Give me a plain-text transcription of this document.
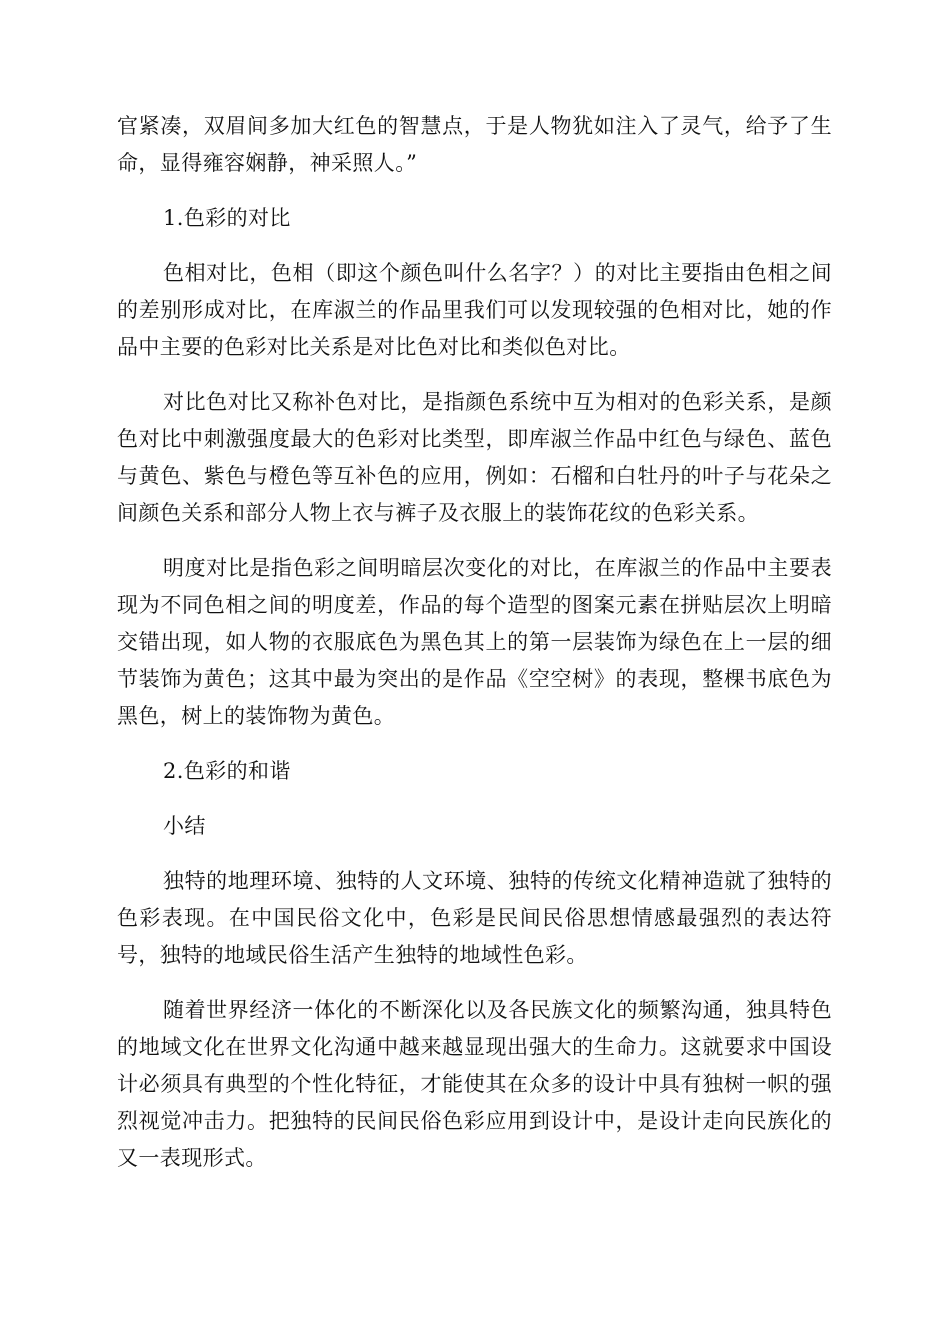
官紧凑，双眉间多加大红色的智慧点，于是人物犹如注入了灵气，给予了生命，显得雍容娴静，神采照人。”

1.色彩的对比

色相对比，色相（即这个颜色叫什么名字？）的对比主要指由色相之间的差别形成对比，在库淑兰的作品里我们可以发现较强的色相对比，她的作品中主要的色彩对比关系是对比色对比和类似色对比。

对比色对比又称补色对比，是指颜色系统中互为相对的色彩关系，是颜色对比中刺激强度最大的色彩对比类型，即库淑兰作品中红色与绿色、蓝色与黄色、紫色与橙色等互补色的应用，例如：石榴和白牡丹的叶子与花朵之间颜色关系和部分人物上衣与裤子及衣服上的装饰花纹的色彩关系。

明度对比是指色彩之间明暗层次变化的对比，在库淑兰的作品中主要表现为不同色相之间的明度差，作品的每个造型的图案元素在拼贴层次上明暗交错出现，如人物的衣服底色为黑色其上的第一层装饰为绿色在上一层的细节装饰为黄色；这其中最为突出的是作品《空空树》的表现，整棵书底色为黑色，树上的装饰物为黄色。

2.色彩的和谐

小结

独特的地理环境、独特的人文环境、独特的传统文化精神造就了独特的色彩表现。在中国民俗文化中，色彩是民间民俗思想情感最强烈的表达符号，独特的地域民俗生活产生独特的地域性色彩。

随着世界经济一体化的不断深化以及各民族文化的频繁沟通，独具特色的地域文化在世界文化沟通中越来越显现出强大的生命力。这就要求中国设计必须具有典型的个性化特征，才能使其在众多的设计中具有独树一帜的强烈视觉冲击力。把独特的民间民俗色彩应用到设计中，是设计走向民族化的又一表现形式。
